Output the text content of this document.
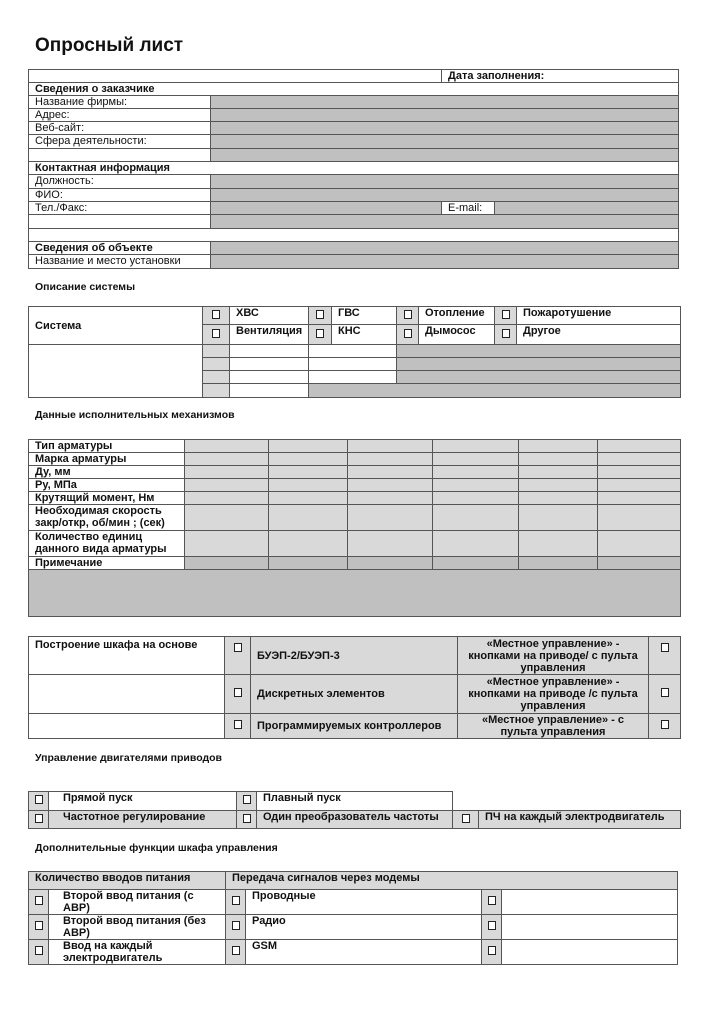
Опросный лист
		Дата заполнения:	
Сведения о заказчике			
Название фирмы:			
Адрес:			
Веб-сайт:			
Сфера деятельности:			

Контактная информация			
Должность:			
ФИО:			
Тел./Факс:		E-mail:	

Сведения об объекте			
Название и место установки			
Описание системы
Система		ХВС		ГВС		Отопление		Пожаротушение
		Вентиляция		КНС		Дымосос		Другое

Данные исполнительных механизмов
Тип арматуры						
Марка арматуры						
Ду, мм						
Ру, МПа						
Крутящий момент, Нм						
Необходимая скорость закр/откр, об/мин ; (сек)						
Количество единиц данного вида арматуры						
Примечание						

Построение шкафа на основе		БУЭП-2/БУЭП-3	«Местное управление» - кнопками на приводе/ с пульта управления	
		Дискретных элементов	«Местное управление» - кнопками на приводе /с пульта управления	
		Программируемых контроллеров	«Местное управление» - с пульта управления	
Управление двигателями приводов
	Прямой пуск		Плавный пуск		
	Частотное регулирование		Один преобразователь частоты		ПЧ на каждый электродвигатель
Дополнительные функции шкафа управления
Количество вводов питания		Передача сигналов через модемы			
	Второй ввод питания (с АВР)		Проводные		
	Второй ввод питания (без АВР)		Радио		
	Ввод на каждый электродвигатель		GSM		
